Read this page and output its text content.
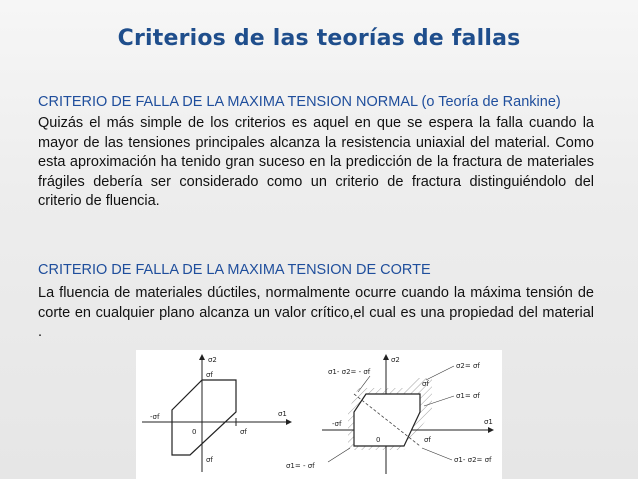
Criterios de las teorías de fallas
CRITERIO DE FALLA DE LA MAXIMA TENSION NORMAL (o Teoría de Rankine)
Quizás el más simple de los criterios es aquel en que se espera la falla cuando la mayor de las tensiones principales alcanza la resistencia uniaxial del material. Como esta aproximación ha tenido gran suceso en la predicción de la fractura de materiales frágiles debería ser considerado como un criterio de fractura distinguiéndolo del criterio de fluencia.
CRITERIO DE FALLA DE LA MAXIMA TENSION DE CORTE
La fluencia de materiales dúctiles, normalmente ocurre cuando la máxima tensión de corte en cualquier plano alcanza un valor crítico,el cual es una propiedad del material .
σ2
σ1
σf
σf
σf
-σf
0
σ2
σ1
σ1- σ2= - σf
σ2= σf
σ1= σf
σ1= - σf
σ1- σ2= σf
σf
σf
-σf
0
